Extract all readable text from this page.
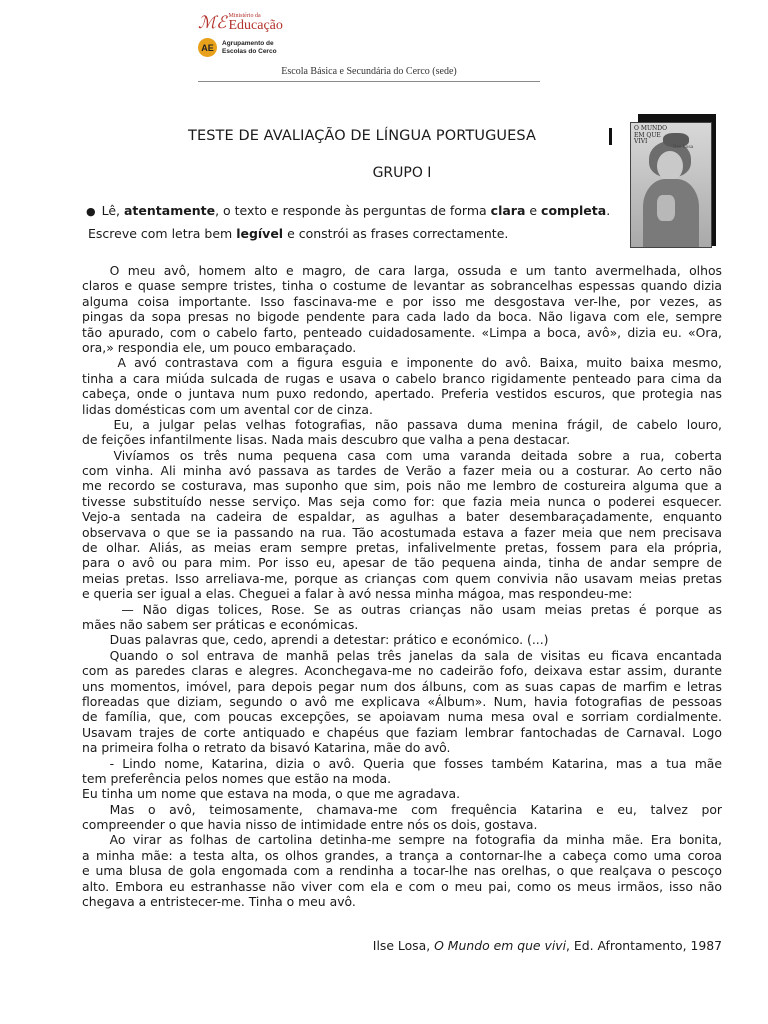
ℳℰ Ministério da
Educação
AE	Agrupamento de
Escolas do Cerco
Escola Básica e Secundária do Cerco (sede)
TESTE DE AVALIAÇÃO DE LÍNGUA PORTUGUESA
GRUPO I
O MUNDO EM QUE VIVI
Ilse Losa
● Lê, atentamente, o texto e responde às perguntas de forma clara e completa.
Escreve com letra bem legível e constrói as frases correctamente.
O meu avô, homem alto e magro, de cara larga, ossuda e um tanto avermelhada, olhos
claros e quase sempre tristes, tinha o costume de levantar as sobrancelhas espessas quando dizia
alguma coisa importante. Isso fascinava-me e por isso me desgostava ver-lhe, por vezes, as
pingas da sopa presas no bigode pendente para cada lado da boca. Não ligava com ele, sempre
tão apurado, com o cabelo farto, penteado cuidadosamente. «Limpa a boca, avô», dizia eu. «Ora,
ora,» respondia ele, um pouco embaraçado.
A avó contrastava com a figura esguia e imponente do avô. Baixa, muito baixa mesmo,
tinha a cara miúda sulcada de rugas e usava o cabelo branco rigidamente penteado para cima da
cabeça, onde o juntava num puxo redondo, apertado. Preferia vestidos escuros, que protegia nas
lidas domésticas com um avental cor de cinza.
Eu, a julgar pelas velhas fotografias, não passava duma menina frágil, de cabelo louro,
de feições infantilmente lisas. Nada mais descubro que valha a pena destacar.
Vivíamos os três numa pequena casa com uma varanda deitada sobre a rua, coberta
com vinha. Ali minha avó passava as tardes de Verão a fazer meia ou a costurar. Ao certo não
me recordo se costurava, mas suponho que sim, pois não me lembro de costureira alguma que a
tivesse substituído nesse serviço. Mas seja como for: que fazia meia nunca o poderei esquecer.
Vejo-a sentada na cadeira de espaldar, as agulhas a bater desembaraçadamente, enquanto
observava o que se ia passando na rua. Tão acostumada estava a fazer meia que nem precisava
de olhar. Aliás, as meias eram sempre pretas, infalivelmente pretas, fossem para ela própria,
para o avô ou para mim. Por isso eu, apesar de tão pequena ainda, tinha de andar sempre de
meias pretas. Isso arreliava-me, porque as crianças com quem convivia não usavam meias pretas
e queria ser igual a elas. Cheguei a falar à avó nessa minha mágoa, mas respondeu-me:
— Não digas tolices, Rose. Se as outras crianças não usam meias pretas é porque as
mães não sabem ser práticas e económicas.
Duas palavras que, cedo, aprendi a detestar: prático e económico. (...)
Quando o sol entrava de manhã pelas três janelas da sala de visitas eu ficava encantada
com as paredes claras e alegres. Aconchegava-me no cadeirão fofo, deixava estar assim, durante
uns momentos, imóvel, para depois pegar num dos álbuns, com as suas capas de marfim e letras
floreadas que diziam, segundo o avô me explicava «Álbum». Num, havia fotografias de pessoas
de família, que, com poucas excepções, se apoiavam numa mesa oval e sorriam cordialmente.
Usavam trajes de corte antiquado e chapéus que faziam lembrar fantochadas de Carnaval. Logo
na primeira folha o retrato da bisavó Katarina, mãe do avô.
- Lindo nome, Katarina, dizia o avô. Queria que fosses também Katarina, mas a tua mãe
tem preferência pelos nomes que estão na moda.
Eu tinha um nome que estava na moda, o que me agradava.
Mas o avô, teimosamente, chamava-me com frequência Katarina e eu, talvez por
compreender o que havia nisso de intimidade entre nós os dois, gostava.
Ao virar as folhas de cartolina detinha-me sempre na fotografia da minha mãe. Era bonita,
a minha mãe: a testa alta, os olhos grandes, a trança a contornar-lhe a cabeça como uma coroa
e uma blusa de gola engomada com a rendinha a tocar-lhe nas orelhas, o que realçava o pescoço
alto. Embora eu estranhasse não viver com ela e com o meu pai, como os meus irmãos, isso não
chegava a entristecer-me. Tinha o meu avô.
Ilse Losa, O Mundo em que vivi, Ed. Afrontamento, 1987
